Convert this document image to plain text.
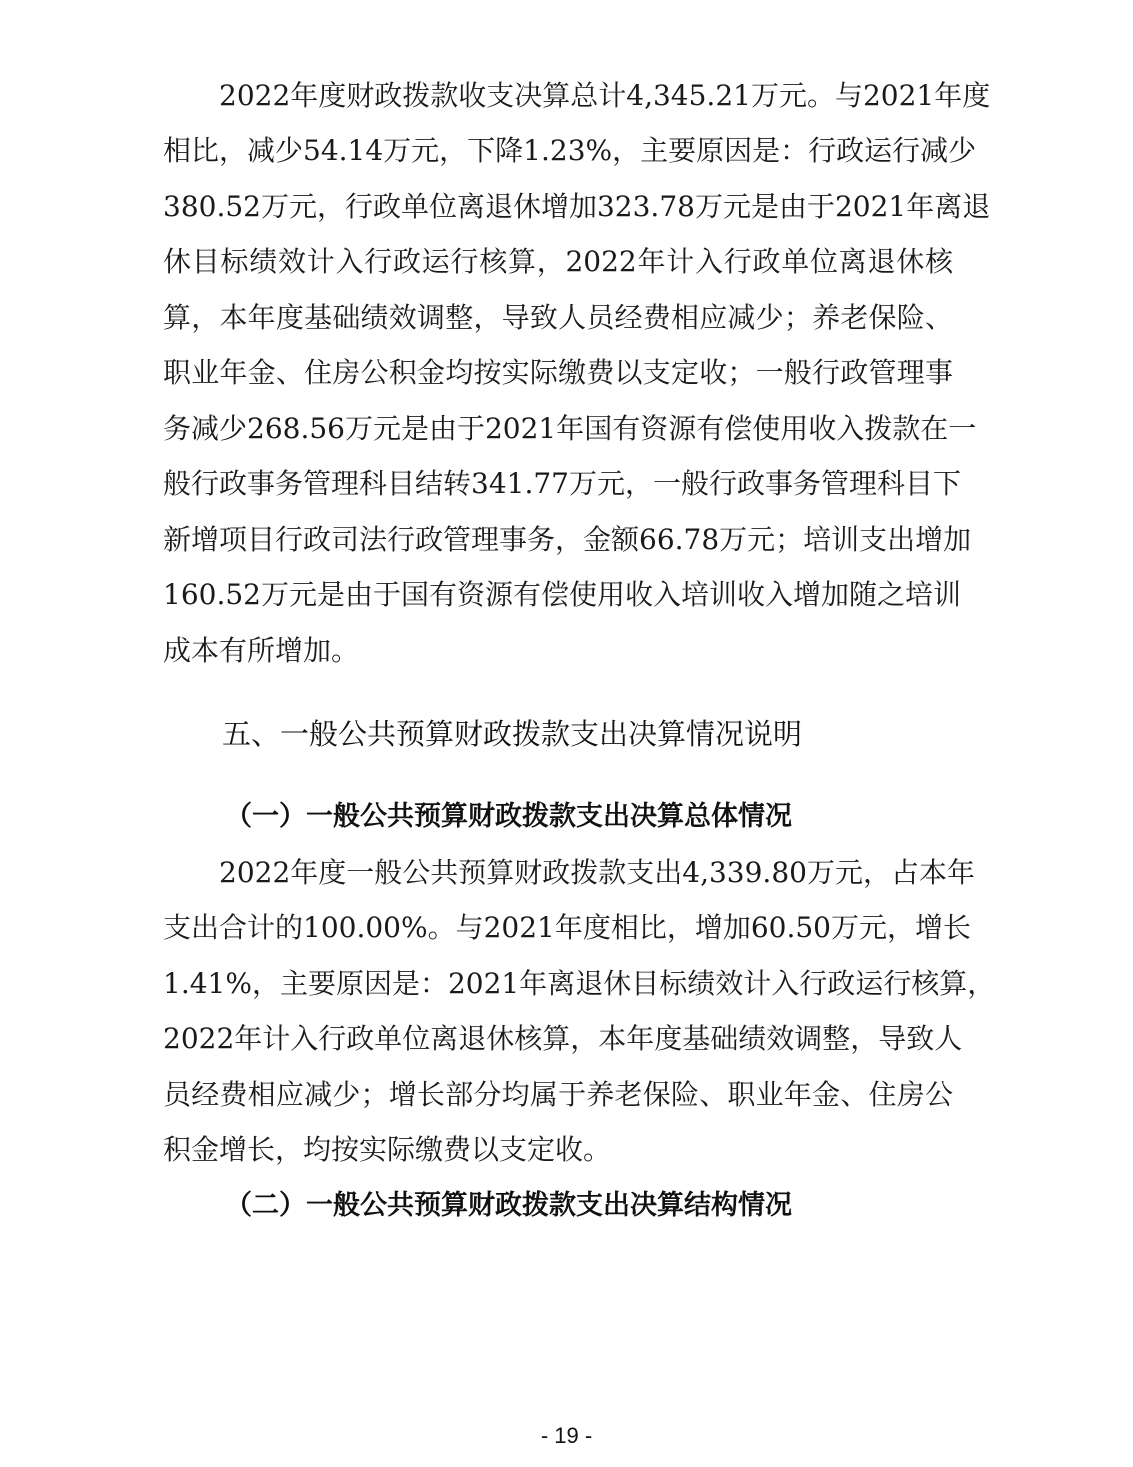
2022年度财政拨款收支决算总计4,345.21万元。与2021年度
相比，减少54.14万元，下降1.23%，主要原因是：行政运行减少
380.52万元，行政单位离退休增加323.78万元是由于2021年离退
休目标绩效计入行政运行核算，2022年计入行政单位离退休核
算，本年度基础绩效调整，导致人员经费相应减少；养老保险、
职业年金、住房公积金均按实际缴费以支定收；一般行政管理事
务减少268.56万元是由于2021年国有资源有偿使用收入拨款在一
般行政事务管理科目结转341.77万元，一般行政事务管理科目下
新增项目行政司法行政管理事务，金额66.78万元；培训支出增加
160.52万元是由于国有资源有偿使用收入培训收入增加随之培训
成本有所增加。
五、一般公共预算财政拨款支出决算情况说明
（一）一般公共预算财政拨款支出决算总体情况
2022年度一般公共预算财政拨款支出4,339.80万元，占本年
支出合计的100.00%。与2021年度相比，增加60.50万元，增长
1.41%，主要原因是：2021年离退休目标绩效计入行政运行核算，
2022年计入行政单位离退休核算，本年度基础绩效调整，导致人
员经费相应减少；增长部分均属于养老保险、职业年金、住房公
积金增长，均按实际缴费以支定收。
（二）一般公共预算财政拨款支出决算结构情况
- 19 -
